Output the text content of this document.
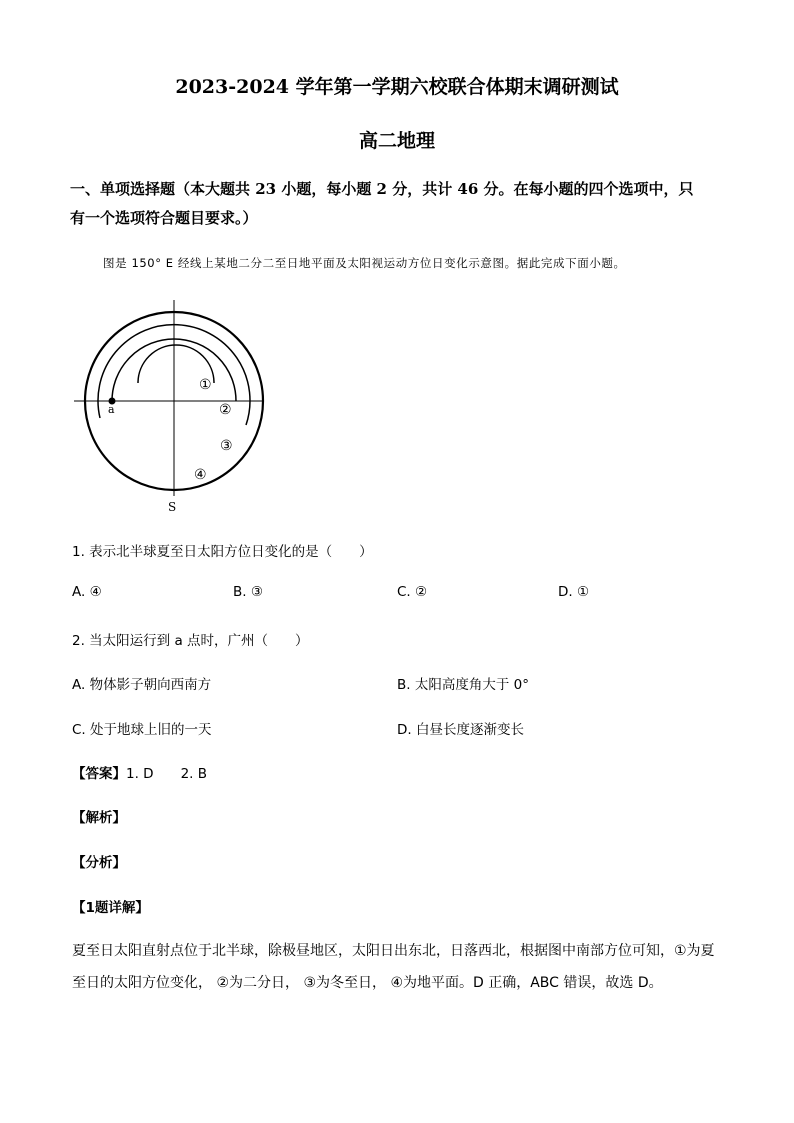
2023-2024 学年第一学期六校联合体期末调研测试
高二地理
一、单项选择题（本大题共 23 小题，每小题 2 分，共计 46 分。在每小题的四个选项中，只
有一个选项符合题目要求。）
图是 150° E 经线上某地二分二至日地平面及太阳视运动方位日变化示意图。据此完成下面小题。
a
①
②
③
④
S
1. 表示北半球夏至日太阳方位日变化的是（　　）
A. ④	B. ③	C. ②	D. ①
2. 当太阳运行到 a 点时，广州（　　）
A. 物体影子朝向西南方	B. 太阳高度角大于 0°
C. 处于地球上旧的一天	D. 白昼长度逐渐变长
【答案】1. D　　2. B
【解析】
【分析】
【1题详解】
夏至日太阳直射点位于北半球，除极昼地区，太阳日出东北，日落西北，根据图中南部方位可知，①为夏
至日的太阳方位变化， ②为二分日， ③为冬至日， ④为地平面。D 正确，ABC 错误，故选 D。
